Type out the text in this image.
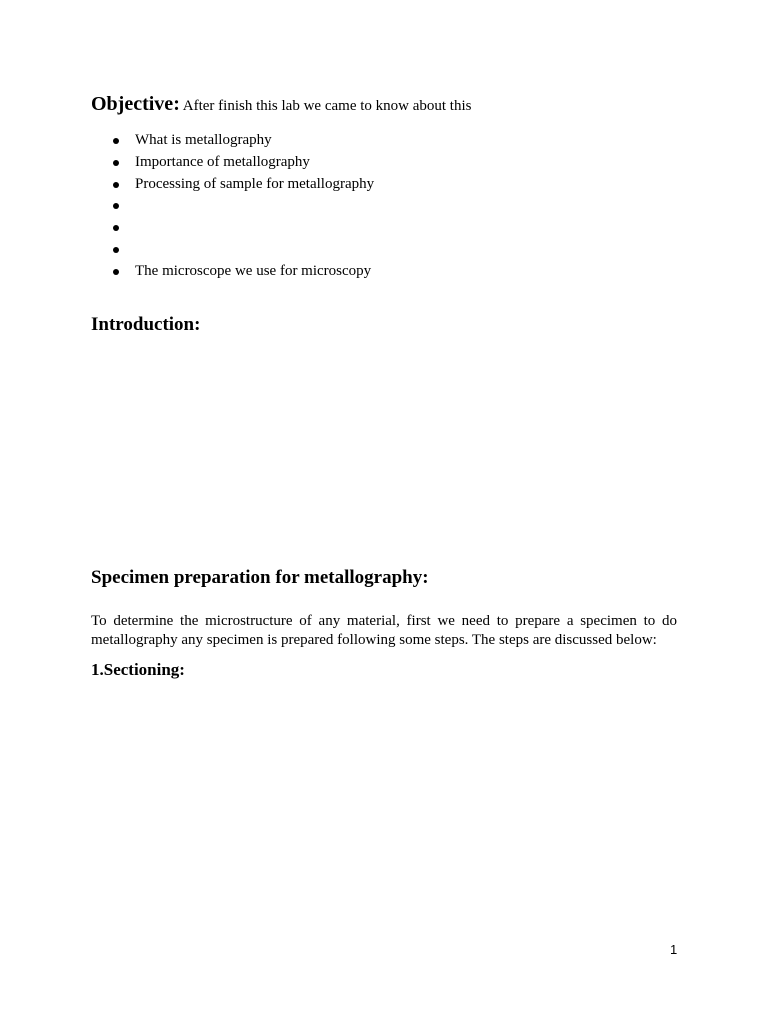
Objective: After finish this lab we came to know about this
What is metallography
Importance of metallography
Processing of sample for metallography
The microscope we use for microscopy
Introduction:
Specimen preparation for metallography:

To determine the microstructure of any material, first we need to prepare a specimen to do metallography any specimen is prepared following some steps. The steps are discussed below:

1.Sectioning:
1
